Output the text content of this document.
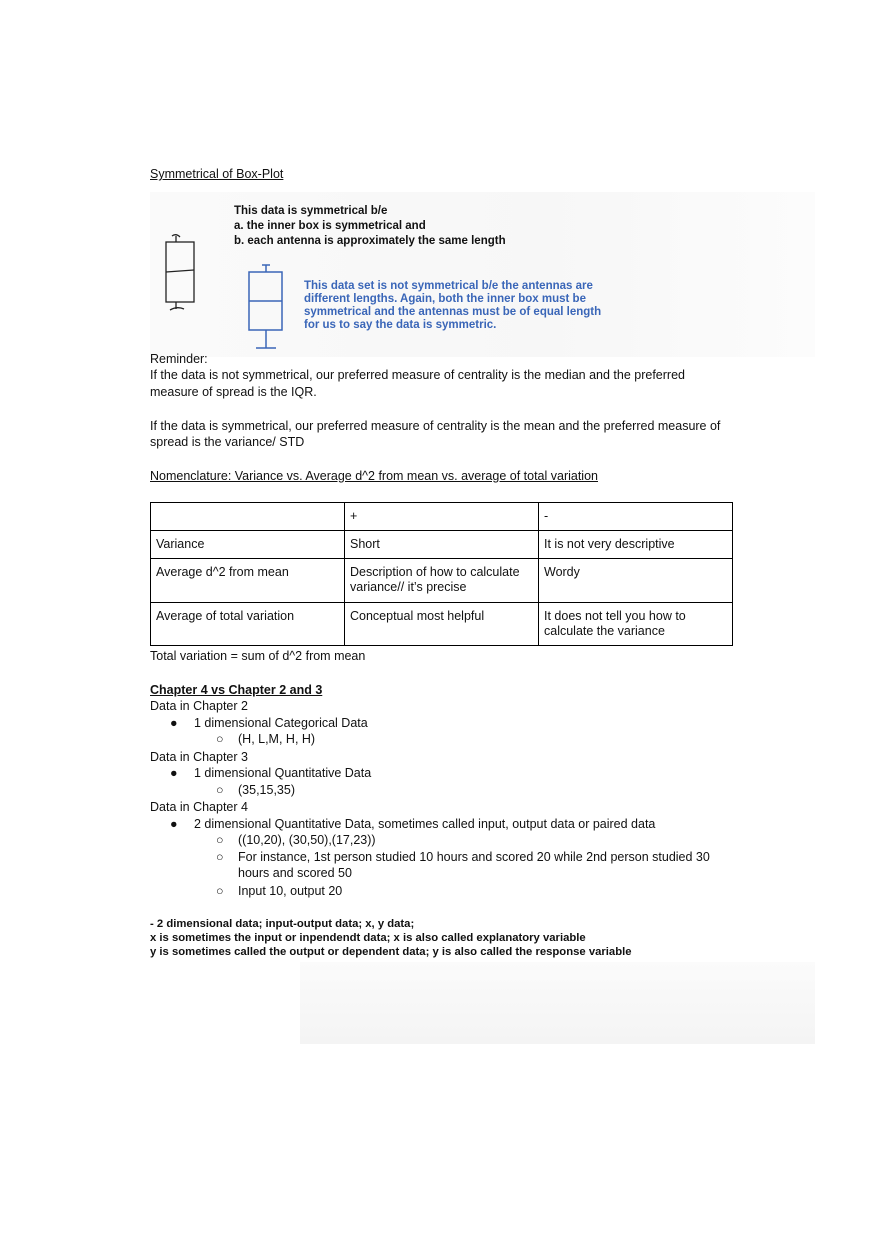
Symmetrical of Box-Plot
This data is symmetrical b/e
a. the inner box is symmetrical and
b. each antenna is approximately the same length
This data set is not symmetrical b/e the antennas are
different lengths. Again, both the inner box must be
symmetrical and the antennas must be of equal length
for us to say the data is symmetric.
Reminder:
If the data is not symmetrical, our preferred measure of centrality is the median and the preferred
measure of spread is the IQR.
If the data is symmetrical, our preferred measure of centrality is the mean and the preferred measure of
spread is the variance/ STD
Nomenclature: Variance vs. Average d^2 from mean vs. average of total variation
	+	-
Variance	Short	It is not very descriptive
Average d^2 from mean	Description of how to calculate variance// it’s precise	Wordy
Average of total variation	Conceptual most helpful	It does not tell you how to calculate the variance
Total variation = sum of d^2 from mean
Chapter 4 vs Chapter 2 and 3
Data in Chapter 2
● 1 dimensional Categorical Data
○ (H, L,M, H, H)
Data in Chapter 3
● 1 dimensional Quantitative Data
○ (35,15,35)
Data in Chapter 4
● 2 dimensional Quantitative Data, sometimes called input, output data or paired data
○ ((10,20), (30,50),(17,23))
○ For instance, 1st person studied 10 hours and scored 20 while 2nd person studied 30
hours and scored 50
○ Input 10, output 20
- 2 dimensional data; input-output data; x, y data;
x is sometimes the input or inpendendt data; x is also called explanatory variable
y is sometimes called the output or dependent data; y is also called the response variable
